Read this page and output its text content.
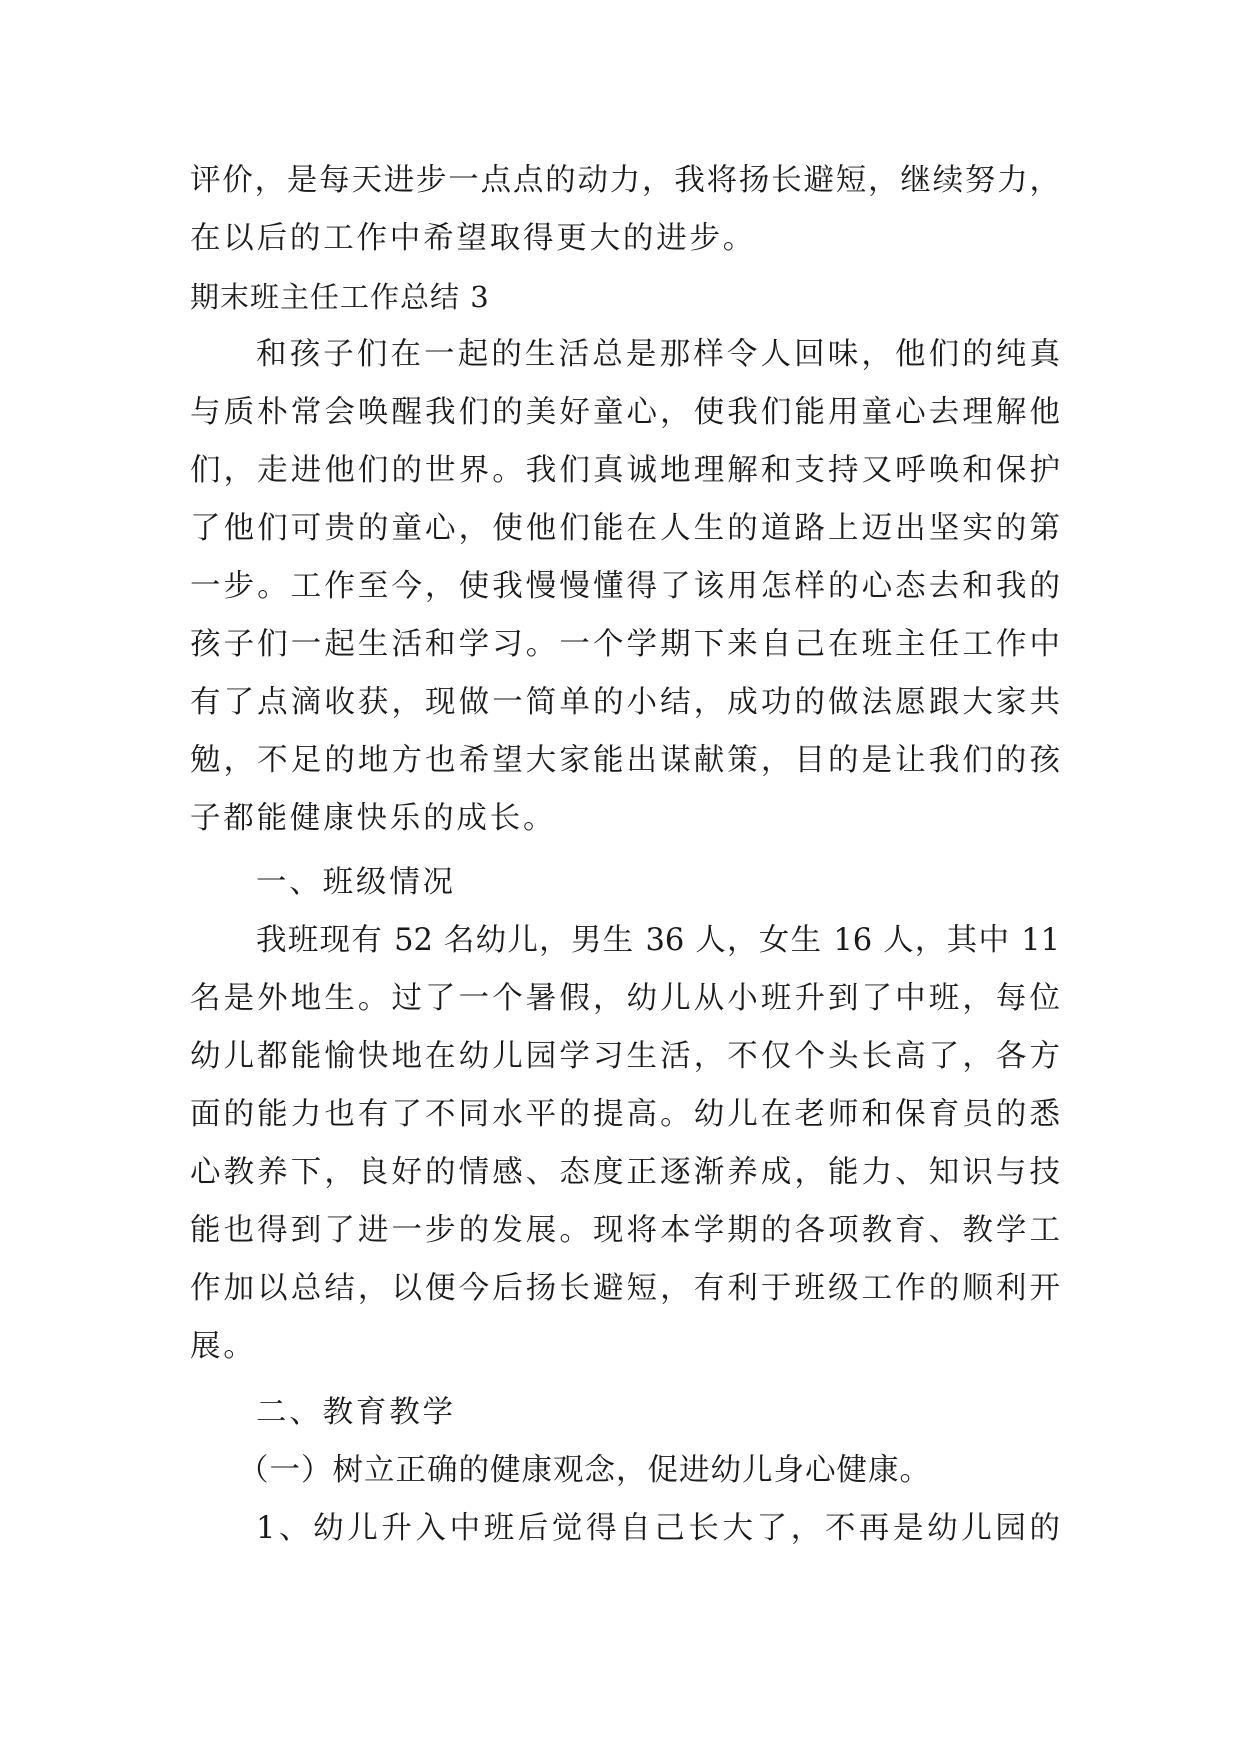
评价，是每天进步一点点的动力，我将扬长避短，继续努力，
在以后的工作中希望取得更大的进步。
期末班主任工作总结 3
和孩子们在一起的生活总是那样令人回味，他们的纯真
与质朴常会唤醒我们的美好童心，使我们能用童心去理解他
们，走进他们的世界。我们真诚地理解和支持又呼唤和保护
了他们可贵的童心，使他们能在人生的道路上迈出坚实的第
一步。工作至今，使我慢慢懂得了该用怎样的心态去和我的
孩子们一起生活和学习。一个学期下来自己在班主任工作中
有了点滴收获，现做一简单的小结，成功的做法愿跟大家共
勉，不足的地方也希望大家能出谋献策，目的是让我们的孩
子都能健康快乐的成长。
一、班级情况
我班现有 52 名幼儿，男生 36 人，女生 16 人，其中 11
名是外地生。过了一个暑假，幼儿从小班升到了中班，每位
幼儿都能愉快地在幼儿园学习生活，不仅个头长高了，各方
面的能力也有了不同水平的提高。幼儿在老师和保育员的悉
心教养下，良好的情感、态度正逐渐养成，能力、知识与技
能也得到了进一步的发展。现将本学期的各项教育、教学工
作加以总结，以便今后扬长避短，有利于班级工作的顺利开
展。
二、教育教学
（一）树立正确的健康观念，促进幼儿身心健康。
1、幼儿升入中班后觉得自己长大了，不再是幼儿园的
